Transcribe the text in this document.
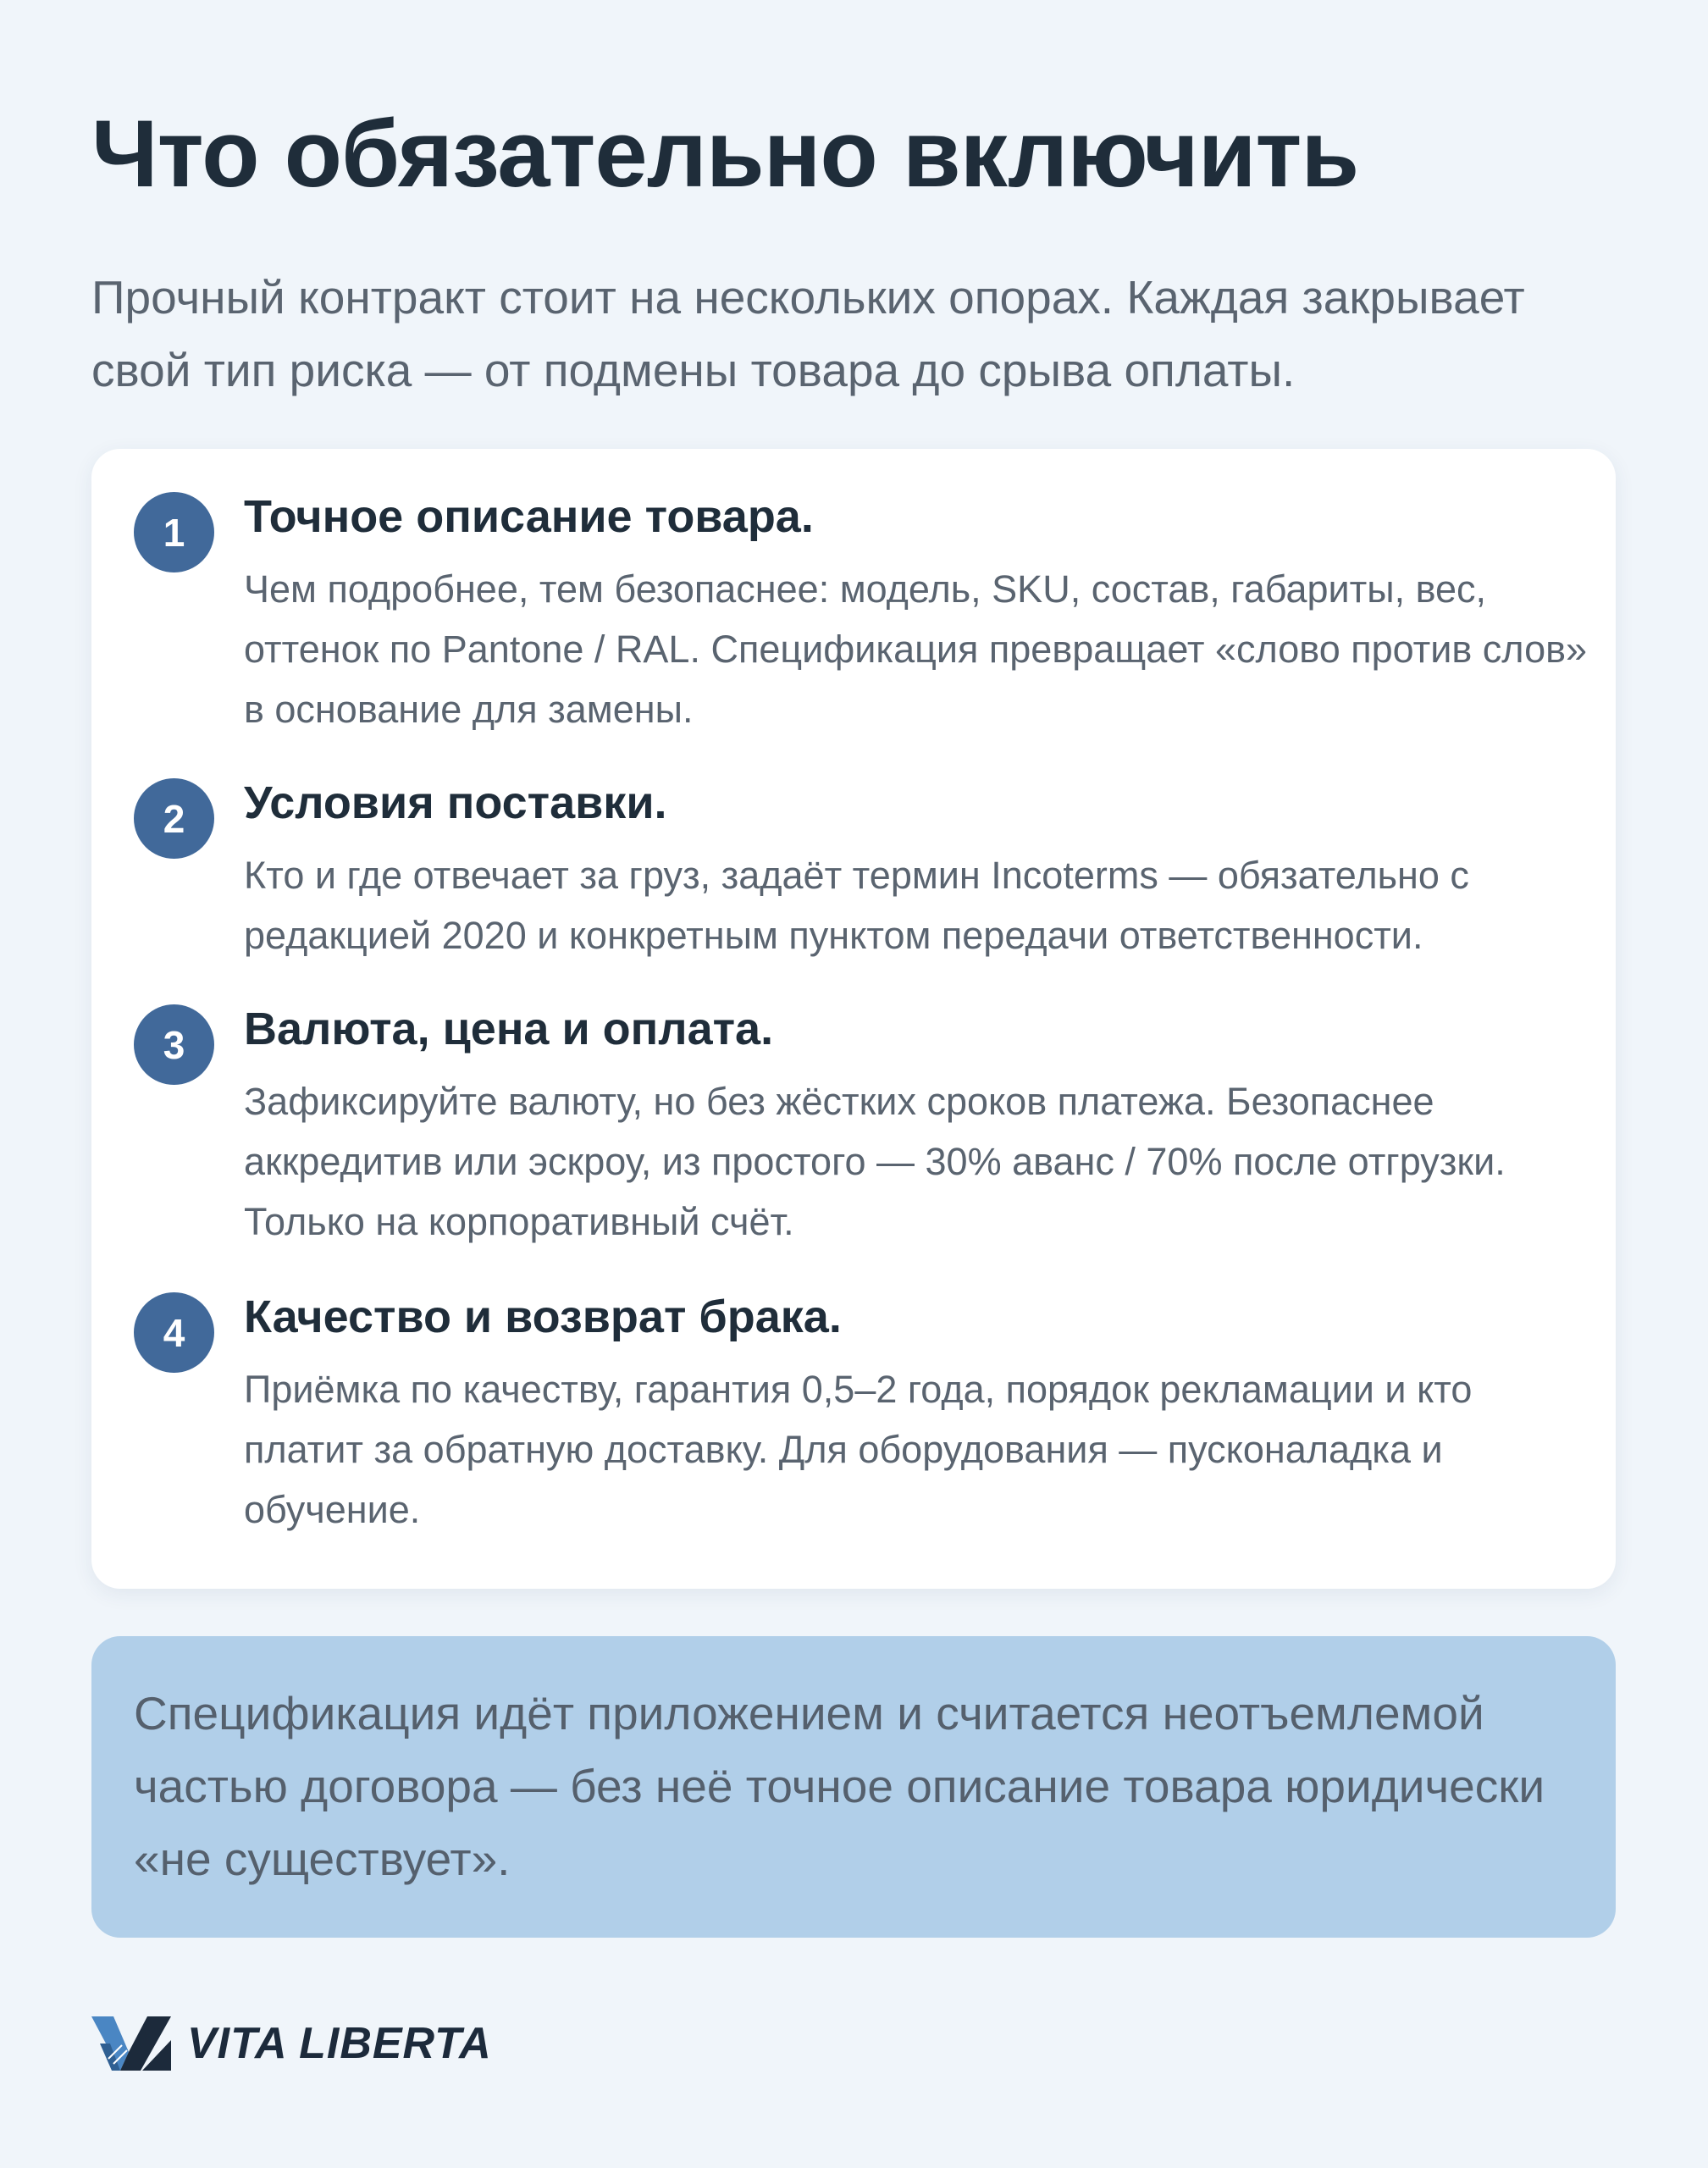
Что обязательно включить

Прочный контракт стоит на нескольких опорах. Каждая закрывает свой тип риска — от подмены товара до срыва оплаты.

1	Точное описание товара.

Чем подробнее, тем безопаснее: модель, SKU, состав, габариты, вес, оттенок по Pantone / RAL. Спецификация превращает «слово против слов» в основание для замены.

2	Условия поставки.

Кто и где отвечает за груз, задаёт термин Incoterms — обязательно с редакцией 2020 и конкретным пунктом передачи ответственности.

3	Валюта, цена и оплата.

Зафиксируйте валюту, но без жёстких сроков платежа. Безопаснее аккредитив или эскроу, из простого — 30% аванс / 70% после отгрузки. Только на корпоративный счёт.

4	Качество и возврат брака.

Приёмка по качеству, гарантия 0,5–2 года, порядок рекламации и кто платит за обратную доставку. Для оборудования — пусконаладка и обучение.

Спецификация идёт приложением и считается неотъемлемой частью договора — без неё точное описание товара юридически «не существует».

VITA LIBERTA
